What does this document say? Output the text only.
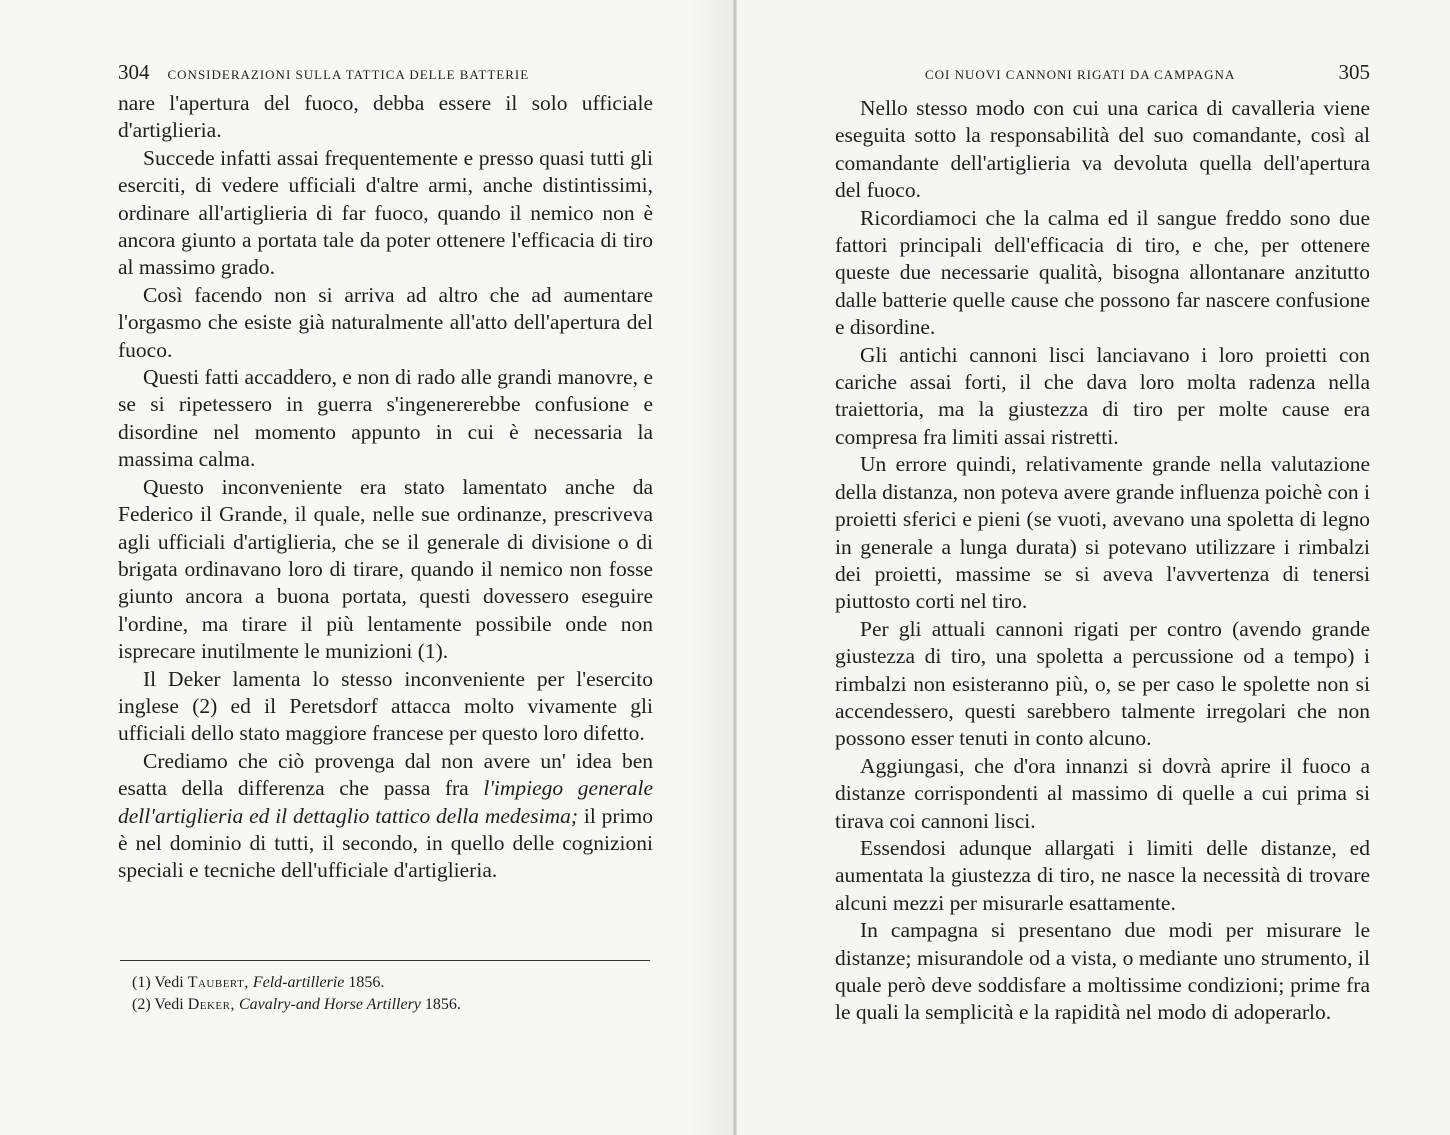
304 CONSIDERAZIONI SULLA TATTICA DELLE BATTERIE

nare l'apertura del fuoco, debba essere il solo ufficiale d'artiglieria.

Succede infatti assai frequentemente e presso quasi tutti gli eserciti, di vedere ufficiali d'altre armi, anche distintissimi, ordinare all'artiglieria di far fuoco, quando il nemico non è ancora giunto a portata tale da poter ottenere l'efficacia di tiro al massimo grado.

Così facendo non si arriva ad altro che ad aumentare l'orgasmo che esiste già naturalmente all'atto dell'apertura del fuoco.

Questi fatti accaddero, e non di rado alle grandi manovre, e se si ripetessero in guerra s'ingenererebbe confusione e disordine nel momento appunto in cui è necessaria la massima calma.

Questo inconveniente era stato lamentato anche da Federico il Grande, il quale, nelle sue ordinanze, prescriveva agli ufficiali d'artiglieria, che se il generale di divisione o di brigata ordinavano loro di tirare, quando il nemico non fosse giunto ancora a buona portata, questi dovessero eseguire l'ordine, ma tirare il più lentamente possibile onde non isprecare inutilmente le munizioni (1).

Il Deker lamenta lo stesso inconveniente per l'esercito inglese (2) ed il Peretsdorf attacca molto vivamente gli ufficiali dello stato maggiore francese per questo loro difetto.

Crediamo che ciò provenga dal non avere un' idea ben esatta della differenza che passa fra l'impiego generale dell'artiglieria ed il dettaglio tattico della medesima; il primo è nel dominio di tutti, il secondo, in quello delle cognizioni speciali e tecniche dell'ufficiale d'artiglieria.

(1) Vedi Taubert, Feld-artillerie 1856.
(2) Vedi Deker, Cavalry-and Horse Artillery 1856.
COI NUOVI CANNONI RIGATI DA CAMPAGNA	305

Nello stesso modo con cui una carica di cavalleria viene eseguita sotto la responsabilità del suo comandante, così al comandante dell'artiglieria va devoluta quella dell'apertura del fuoco.

Ricordiamoci che la calma ed il sangue freddo sono due fattori principali dell'efficacia di tiro, e che, per ottenere queste due necessarie qualità, bisogna allontanare anzitutto dalle batterie quelle cause che possono far nascere confusione e disordine.

Gli antichi cannoni lisci lanciavano i loro proietti con cariche assai forti, il che dava loro molta radenza nella traiettoria, ma la giustezza di tiro per molte cause era compresa fra limiti assai ristretti.

Un errore quindi, relativamente grande nella valutazione della distanza, non poteva avere grande influenza poichè con i proietti sferici e pieni (se vuoti, avevano una spoletta di legno in generale a lunga durata) si potevano utilizzare i rimbalzi dei proietti, massime se si aveva l'avvertenza di tenersi piuttosto corti nel tiro.

Per gli attuali cannoni rigati per contro (avendo grande giustezza di tiro, una spoletta a percussione od a tempo) i rimbalzi non esisteranno più, o, se per caso le spolette non si accendessero, questi sarebbero talmente irregolari che non possono esser tenuti in conto alcuno.

Aggiungasi, che d'ora innanzi si dovrà aprire il fuoco a distanze corrispondenti al massimo di quelle a cui prima si tirava coi cannoni lisci.

Essendosi adunque allargati i limiti delle distanze, ed aumentata la giustezza di tiro, ne nasce la necessità di trovare alcuni mezzi per misurarle esattamente.

In campagna si presentano due modi per misurare le distanze; misurandole od a vista, o mediante uno strumento, il quale però deve soddisfare a moltissime condizioni; prime fra le quali la semplicità e la rapidità nel modo di adoperarlo.
